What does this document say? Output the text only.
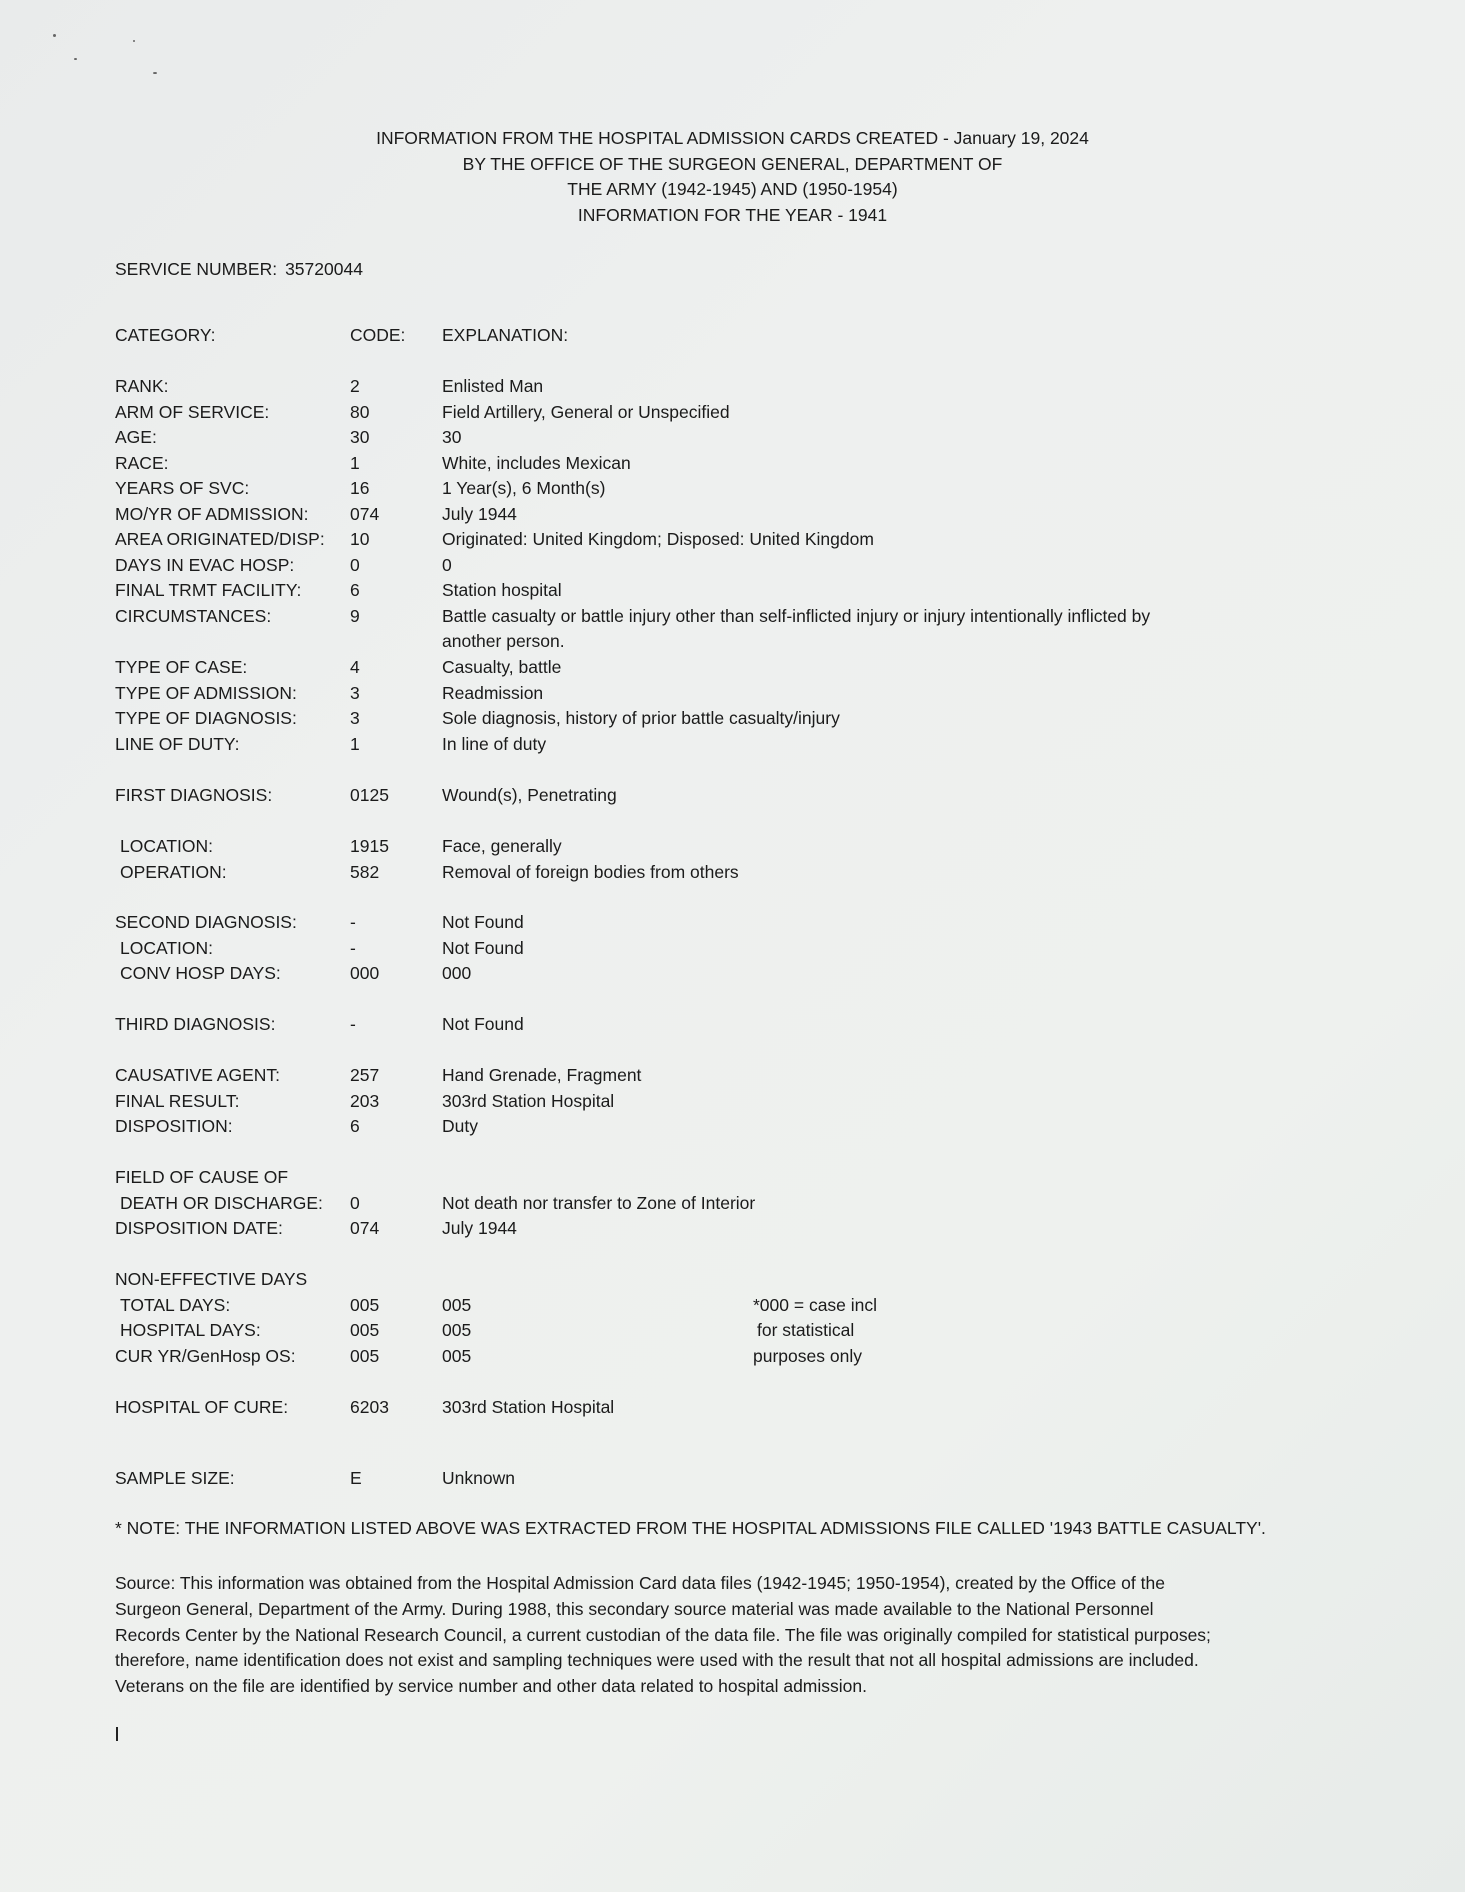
INFORMATION FROM THE HOSPITAL ADMISSION CARDS CREATED - January 19, 2024
BY THE OFFICE OF THE SURGEON GENERAL, DEPARTMENT OF
THE ARMY (1942-1945) AND (1950-1954)
INFORMATION FOR THE YEAR - 1941
SERVICE NUMBER: 35720044
CATEGORY:	CODE: EXPLANATION:
RANK:	2	Enlisted Man
ARM OF SERVICE:	80	Field Artillery, General or Unspecified
AGE:	30	30
RACE:	1	White, includes Mexican
YEARS OF SVC:	16	1 Year(s), 6 Month(s)
MO/YR OF ADMISSION: 074	July 1944
AREA ORIGINATED/DISP: 10	Originated: United Kingdom; Disposed: United Kingdom
DAYS IN EVAC HOSP:	0	0
FINAL TRMT FACILITY:	6	Station hospital
CIRCUMSTANCES:	9	Battle casualty or battle injury other than self-inflicted injury or injury intentionally inflicted by another person.
TYPE OF CASE:	4	Casualty, battle
TYPE OF ADMISSION:	3	Readmission
TYPE OF DIAGNOSIS:	3	Sole diagnosis, history of prior battle casualty/injury
LINE OF DUTY:	1	In line of duty
FIRST DIAGNOSIS:	0125	Wound(s), Penetrating
LOCATION:	1915	Face, generally
OPERATION:	582	Removal of foreign bodies from others
SECOND DIAGNOSIS:	-	Not Found
LOCATION:	-	Not Found
CONV HOSP DAYS:	000	000
THIRD DIAGNOSIS:	-	Not Found
CAUSATIVE AGENT:	257	Hand Grenade, Fragment
FINAL RESULT:	203	303rd Station Hospital
DISPOSITION:	6	Duty
FIELD OF CAUSE OF
DEATH OR DISCHARGE: 0	Not death nor transfer to Zone of Interior
DISPOSITION DATE:	074	July 1944
NON-EFFECTIVE DAYS
TOTAL DAYS:	005	005	*000 = case incl
HOSPITAL DAYS:	005	005	for statistical
CUR YR/GenHosp OS:	005	005	purposes only
HOSPITAL OF CURE:	6203	303rd Station Hospital
SAMPLE SIZE:	E	Unknown
* NOTE: THE INFORMATION LISTED ABOVE WAS EXTRACTED FROM THE HOSPITAL ADMISSIONS FILE CALLED '1943 BATTLE CASUALTY'.
Source: This information was obtained from the Hospital Admission Card data files (1942-1945; 1950-1954), created by the Office of the Surgeon General, Department of the Army. During 1988, this secondary source material was made available to the National Personnel Records Center by the National Research Council, a current custodian of the data file. The file was originally compiled for statistical purposes; therefore, name identification does not exist and sampling techniques were used with the result that not all hospital admissions are included. Veterans on the file are identified by service number and other data related to hospital admission.
